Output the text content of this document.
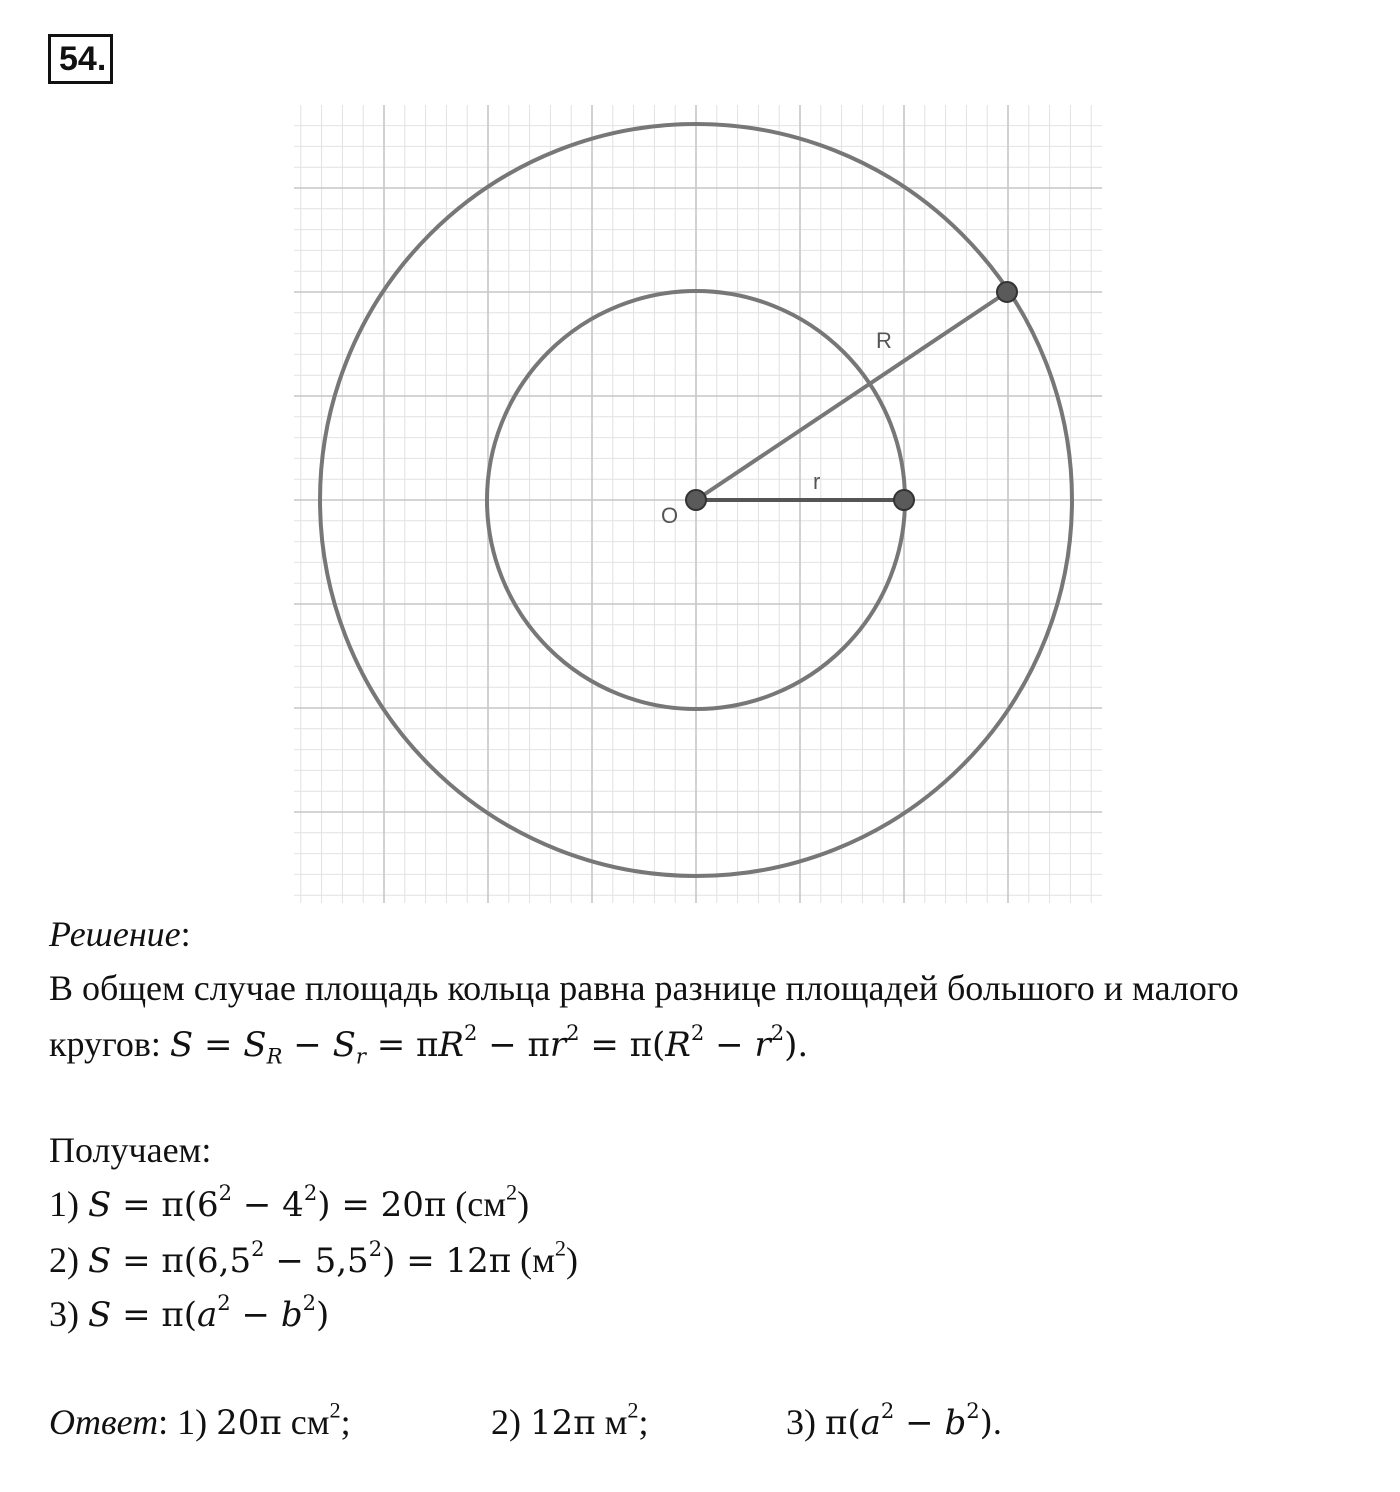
54.
O
R
r
Решение:
В общем случае площадь кольца равна разнице площадей большого и малого
кругов: $S = S_R - S_r = \pi R^2 - \pi r^2 = \pi(R^2 - r^2)$.
Получаем:
1) $S = \pi(6^2 - 4^2) = 20\pi$ $(см^2)$
2) $S = \pi(6,5^2 - 5,5^2) = 12\pi$ $(м^2)$
3) $S = \pi(a^2 - b^2)$
Ответ: 1) 20π $см^2$;	2) 12π $м^2$;	3) $\pi(a^2 - b^2)$.
